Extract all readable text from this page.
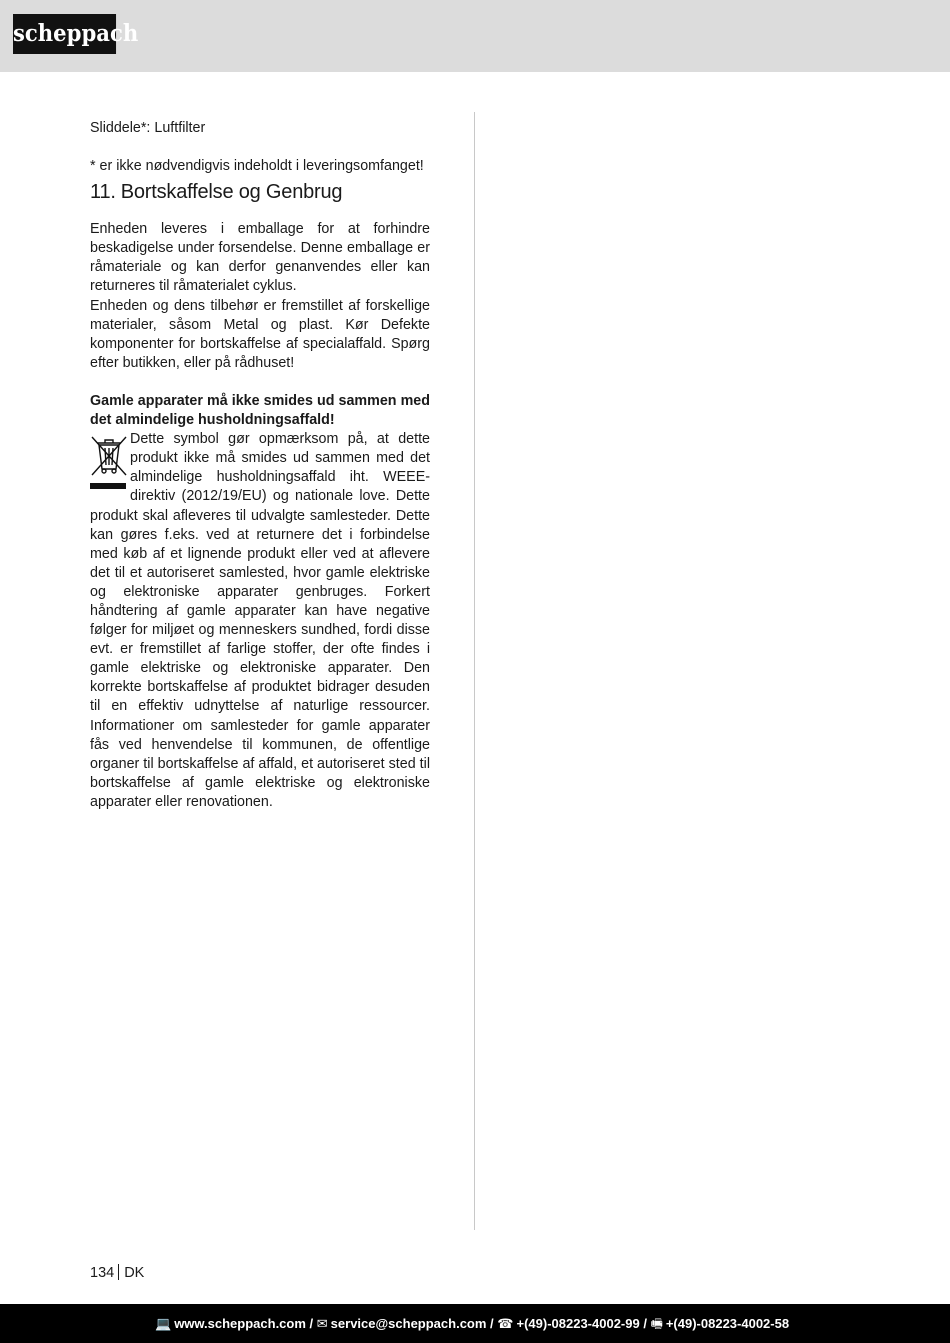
scheppach

Sliddele*: Luftfilter

* er ikke nødvendigvis indeholdt i leveringsomfanget!

11. Bortskaffelse og Genbrug

Enheden leveres i emballage for at forhindre beskadigelse under forsendelse. Denne emballage er råmateriale og kan derfor genanvendes eller kan returneres til råmaterialet cyklus.

Enheden og dens tilbehør er fremstillet af forskellige materialer, såsom Metal og plast. Kør Defekte komponenter for bortskaffelse af specialaffald. Spørg efter butikken, eller på rådhuset!

Gamle apparater må ikke smides ud sammen med det almindelige husholdningsaffald!

Dette symbol gør opmærksom på, at dette produkt ikke må smides ud sammen med det almindelige husholdningsaffald iht. WEEE-direktiv (2012/19/EU) og nationale love. Dette produkt skal afleveres til udvalgte samlesteder. Dette kan gøres f.eks. ved at returnere det i forbindelse med køb af et lignende produkt eller ved at aflevere det til et autoriseret samlested, hvor gamle elektriske og elektroniske apparater genbruges. Forkert håndtering af gamle apparater kan have negative følger for miljøet og menneskers sundhed, fordi disse evt. er fremstillet af farlige stoffer, der ofte findes i gamle elektriske og elektroniske apparater. Den korrekte bortskaffelse af produktet bidrager desuden til en effektiv udnyttelse af naturlige ressourcer. Informationer om samlesteder for gamle apparater fås ved henvendelse til kommunen, de offentlige organer til bortskaffelse af affald, et autoriseret sted til bortskaffelse af gamle elektriske og elektroniske apparater eller renovationen.

134 DK
💻 www.scheppach.com / ✉ service@scheppach.com / ☎ +(49)-08223-4002-99 / 🖷 +(49)-08223-4002-58
